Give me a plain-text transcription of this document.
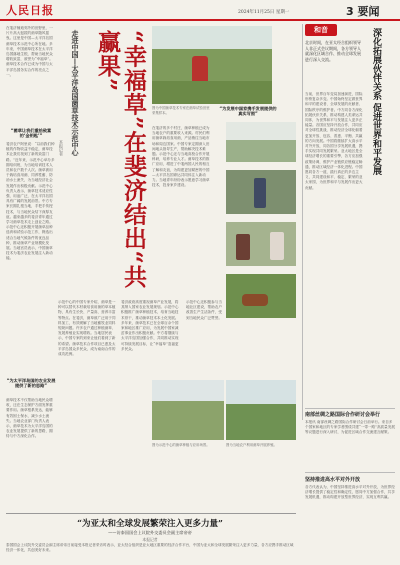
人民日报	2024年11月25日 星期一	3 要闻
在斐济楠迪郊外的田野里，一片片高大挺拔的菌草随风摇曳。这里是中国—太平洋岛国菌草技术示范中心所在地。多年来，中国菌草技术在太平洋岛国落地生根，帮助当地民众增收致富，被誉为“幸福草”。菌草技术合作已成为中国与太平洋岛国务实合作的亮点之一。
“菌草让我们重拾致富的‘金钥匙’”
斐济农户阿里说：“以前我们种植的作物收益不稳定，菌草技术让我们找到了新的致富门路。”近年来，示范中心举办多期培训班，为当地培训技术人员和农户数千人次。菌草被用于栽培食用菌、饲养牲畜、防治水土流失，为当地经济社会发展作出积极贡献。示范中心负责人表示，菌草技术适应性强、用途广泛，在太平洋岛国具有广阔的发展前景。中方专家长期扎根当地，手把手传授技术，与当地民众结下深厚友谊。越来越多的斐济青年通过学习菌草技术走上创业之路。示范中心还积极开展菌草品种选育和试验示范工作，筛选出适合当地气候条件的优良品种，推动菌草产业规模化发展。当地官员表示，中国菌草技术为斐济农业发展注入新动能。
“为太平洋岛国的农业发展提供了新的思路”
菌草技术不仅帮助当地民众增收，还在生态保护方面发挥重要作用。菌草根系发达，能够有效固土保水，减少水土流失。当地农业部门负责人表示，菌草技术为太平洋岛国的农业发展提供了新的思路，期待与中方深化合作。
“幸福草”在斐济结出“共赢果”
走进中国—太平洋岛国菌草技术示范中心
本报记者
示范中心的中国专家介绍，菌草是一种可以替代木材栽培食用菌的草本植物，具有生长快、产量高、营养丰富等特点。在斐济，菌草被广泛用于饲料加工，有效缓解了当地畜牧业饲料短缺问题。许多农户通过种植菌草、发展养殖业实现增收。当地居民表示，中国专家的到来让他们看到了新的希望。菌草技术合作项目已惠及太平洋岛国众多民众，成为南南合作的成功范例。
斐济政府高度重视菌草产业发展，将其纳入国家农业发展规划。示范中心积极推广菌草种植技术，培育当地技术骨干，推动菌草技术本土化发展。多年来，菌草技术已在全球百余个国家和地区推广应用，为发展中国家减贫事业作出积极贡献。中方将继续与太平洋岛国加强合作，共同推动实现可持续发展目标，让“幸福草”造福更多民众。
图为中国菌草技术专家在菌草试验田里采集样本。
“为发展中国家携手发展提供的真实写照”
在斐济的多个村庄，菌草种植已成为当地农户的重要收入来源。村民们利用菌草栽培食用菌，产品销往当地市场和周边国家。中国专家定期深入田间地头指导生产，帮助解决技术难题。示范中心还与当地高校合作开展科研，培养专业人才。菌草技术的推广应用，增进了中斐两国人民的相互了解和友谊，为构建更加紧密的中国—太平洋岛国命运共同体注入新动力。当地青年纷纷表示愿意学习菌草技术，投身家乡建设。
示范中心还积极参与当地社区建设，帮助农户改善生产生活条件，受到当地民众广泛赞誉。
图为示范中心的菌草种植与应用场景。	图为当地农户利用菌草开展养殖。
和音	深化拓展伙伴关系 促进世界和平发展
北京时间，在亚太经合组织领导人非正式会议期间，各方领导人就深化区域合作、推动全球发展进行深入交流。
当前，世界百年变局加速演进，国际形势复杂多变。中国始终坚定做世界和平的建设者、全球发展的贡献者、国际秩序的维护者。中方同各方深化拓展伙伴关系，推动构建人类命运共同体，为世界和平与发展注入更多正能量。各国应坚持开放合作，共同应对全球性挑战，推动经济全球化朝着更加开放、包容、普惠、平衡、共赢的方向发展。中国将继续扩大高水平对外开放，同各国分享发展机遇，携手实现共同发展繁荣。亚太地区是全球经济增长的重要引擎，各方应加强政策协调，维护产业链供应链稳定畅通，推动区域经济一体化进程。中国愿同各方一道，践行真正的多边主义，共同建设和平、稳定、繁荣的亚太家园，为世界和平与发展作出更大贡献。
南部丝绸之路国际合作研讨会举行
本报讯 南部丝绸之路国际合作研讨会日前举行。来自多个国家和地区的专家学者围绕共建“一带一路”高质量发展等议题进行深入研讨，为促进区域合作交流建言献策。
“为亚太和全球发展繁荣注入更多力量”
——访泰国国会上议院外交委员会副主席帝帝
本报记者
泰国国会上议院外交委员会副主席帝帝日前接受本报记者采访时表示，亚太经合组织是亚太地区重要的经济合作平台，中国为亚太和全球发展繁荣注入更多力量，各方应携手推动区域经济一体化，共创美好未来。
坚持推进高水平对外开放
各方代表认为，中国坚持推进高水平对外开放，为世界经济增长提供了稳定性和确定性，愿同中方加强合作，共享发展机遇，推动构建开放型世界经济，实现互利共赢。
